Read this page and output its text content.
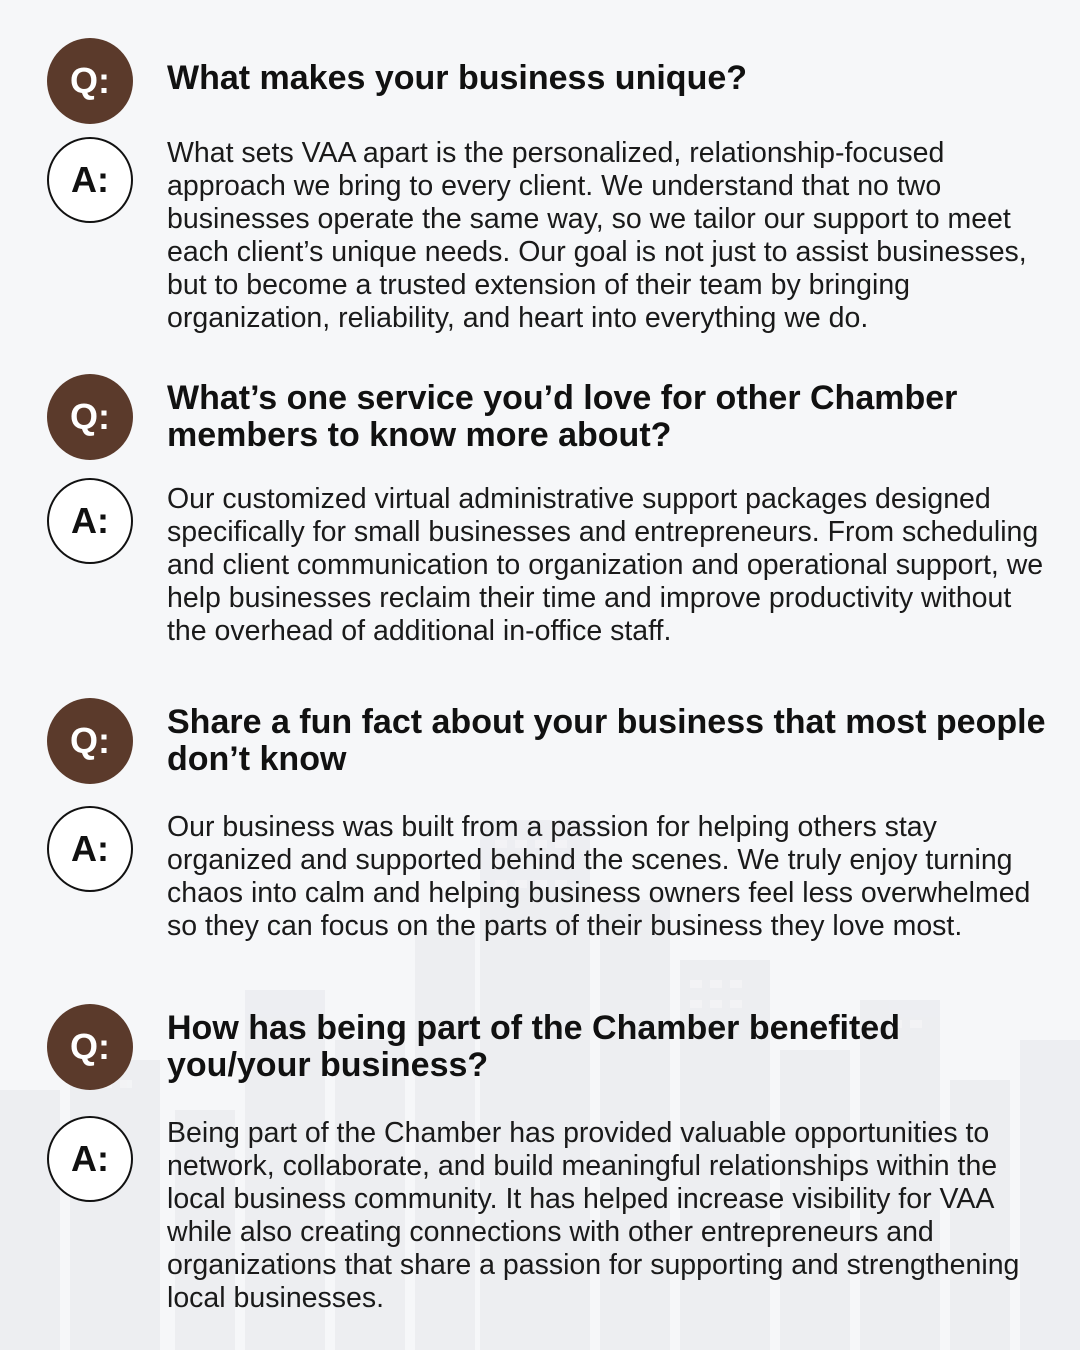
Q:	What makes your business unique?
A:

What sets VAA apart is the personalized, relationship-focused approach we bring to every client. We understand that no two businesses operate the same way, so we tailor our support to meet each client’s unique needs. Our goal is not just to assist businesses, but to become a trusted extension of their team by bringing organization, reliability, and heart into everything we do.

Q:	What’s one service you’d love for other Chamber members to know more about?
A:

Our customized virtual administrative support packages designed specifically for small businesses and entrepreneurs. From scheduling and client communication to organization and operational support, we help businesses reclaim their time and improve productivity without the overhead of additional in-office staff.

Q:	Share a fun fact about your business that most people don’t know
A:

Our business was built from a passion for helping others stay organized and supported behind the scenes. We truly enjoy turning chaos into calm and helping business owners feel less overwhelmed so they can focus on the parts of their business they love most.

Q:	How has being part of the Chamber benefited you/your business?
A:

Being part of the Chamber has provided valuable opportunities to network, collaborate, and build meaningful relationships within the local business community. It has helped increase visibility for VAA while also creating connections with other entrepreneurs and organizations that share a passion for supporting and strengthening local businesses.
